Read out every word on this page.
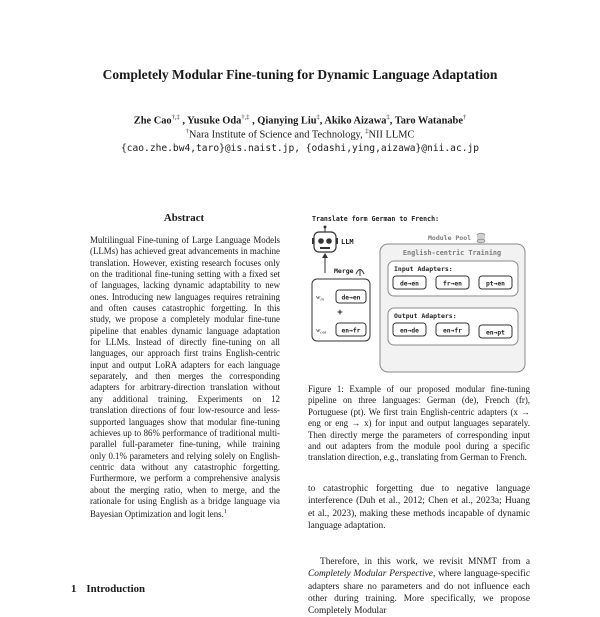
Completely Modular Fine-tuning for Dynamic Language Adaptation
Zhe Cao†,‡ , Yusuke Oda†,‡ , Qianying Liu‡, Akiko Aizawa‡, Taro Watanabe†
†Nara Institute of Science and Technology, ‡NII LLMC
{cao.zhe.bw4,taro}@is.naist.jp, {odashi,ying,aizawa}@nii.ac.jp
Abstract
Multilingual Fine-tuning of Large Language Models (LLMs) has achieved great advancements in machine translation. However, existing research focuses only on the traditional fine-tuning setting with a fixed set of languages, lacking dynamic adaptability to new ones. Introducing new languages requires retraining and often causes catastrophic forgetting. In this study, we propose a completely modular fine-tune pipeline that enables dynamic language adaptation for LLMs. Instead of directly fine-tuning on all languages, our approach first trains English-centric input and output LoRA adapters for each language separately, and then merges the corresponding adapters for arbitrary-direction translation without any additional training. Experiments on 12 translation directions of four low-resource and less-supported languages show that modular fine-tuning achieves up to 86% performance of traditional multi-parallel full-parameter fine-tuning, while training only 0.1% parameters and relying solely on English-centric data without any catastrophic forgetting. Furthermore, we perform a comprehensive analysis about the merging ratio, when to merge, and the rationale for using English as a bridge language via Bayesian Optimization and logit lens.$^1$
1 Introduction
Translate form German to French:
LLM
Merge
$w_{in}$	de→en
+
$w_{out}$ en→fr
Module Pool
English-centric Training
Input Adapters:
de→en	fr→en	pt→en
Output Adapters:
en→de	en→fr	en→pt
Figure 1: Example of our proposed modular fine-tuning pipeline on three languages: German (de), French (fr), Portuguese (pt). We first train English-centric adapters (x → eng or eng → x) for input and output languages separately. Then directly merge the parameters of corresponding input and out adapters from the module pool during a specific translation direction, e.g., translating from German to French.
to catastrophic forgetting due to negative language interference (Duh et al., 2012; Chen et al., 2023a; Huang et al., 2023), making these methods incapable of dynamic language adaptation.
Therefore, in this work, we revisit MNMT from a Completely Modular Perspective, where language-specific adapters share no parameters and do not influence each other during training. More specifically, we propose Completely Modular
